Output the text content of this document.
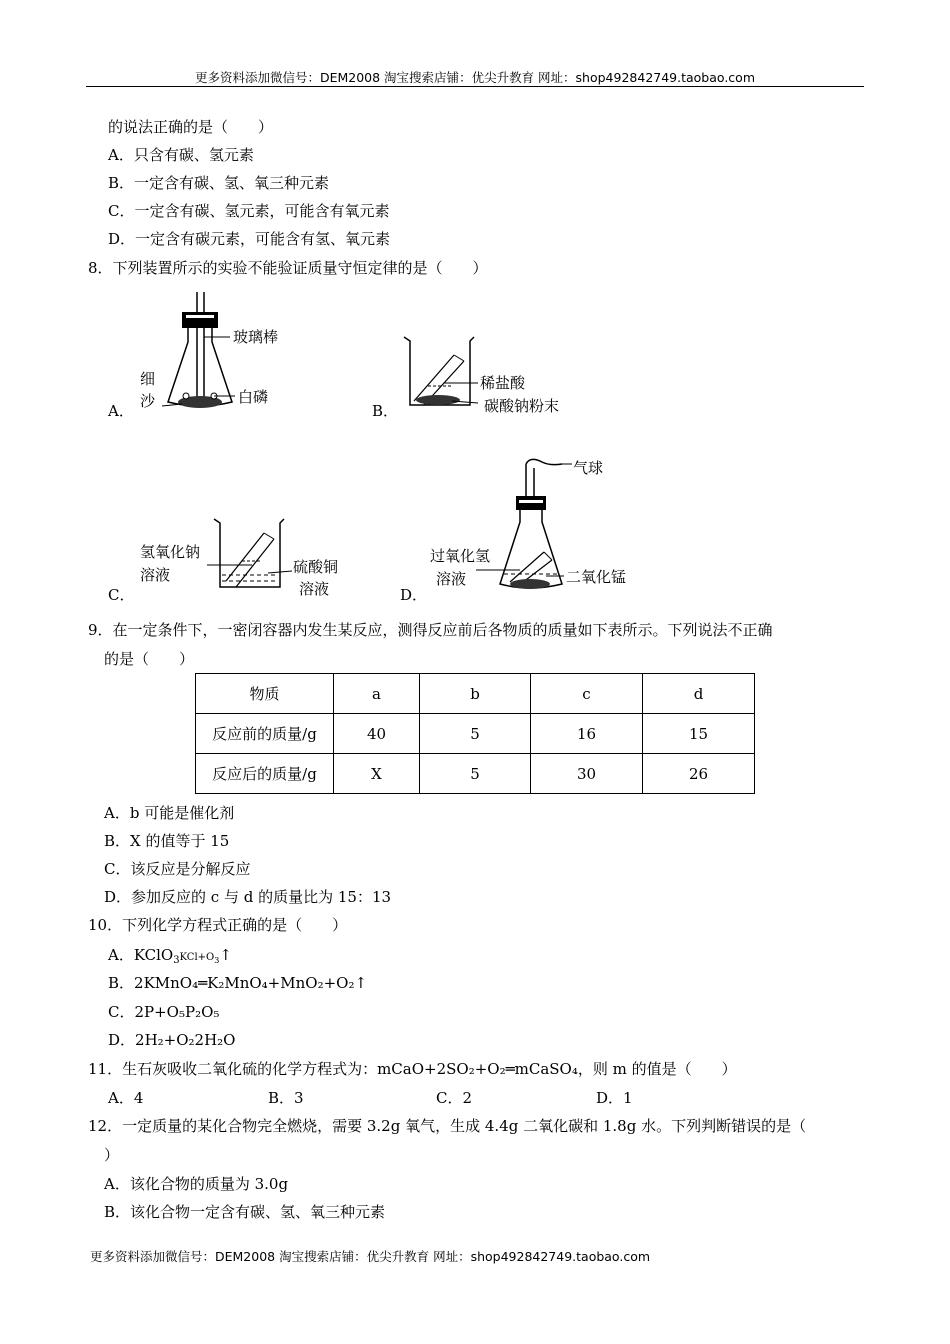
更多资料添加微信号：DEM2008 淘宝搜索店铺：优尖升教育 网址：shop492842749.taobao.com
的说法正确的是（　　）
A．只含有碳、氢元素
B．一定含有碳、氢、氧三种元素
C．一定含有碳、氢元素，可能含有氧元素
D．一定含有碳元素，可能含有氢、氧元素
8．下列装置所示的实验不能验证质量守恒定律的是（　　）
A．
玻璃棒
细
沙	白磷
B．
稀盐酸
碳酸钠粉末
C．
氢氧化钠
溶液	硫酸铜
溶液	D．
气球
过氧化氢
溶液	二氧化锰
9．在一定条件下，一密闭容器内发生某反应，测得反应前后各物质的质量如下表所示。下列说法不正确
的是（　　）
物质	a	b	c	d
反应前的质量/g	40	5	16	15
反应后的质量/g	X	5	30	26
A．b 可能是催化剂
B．X 的值等于 15
C．该反应是分解反应
D．参加反应的 c 与 d 的质量比为 15：13
10．下列化学方程式正确的是（　　）
A．$KClO_3KCl+O_3↑$
B．2KMnO₄═K₂MnO₄+MnO₂+O₂↑
C．2P+O₅P₂O₅
D．2H₂+O₂2H₂O
11．生石灰吸收二氧化硫的化学方程式为：mCaO+2SO₂+O₂═mCaSO₄，则 m 的值是（　　）
A．4	B．3	C．2	D．1
12．一定质量的某化合物完全燃烧，需要 3.2g 氧气，生成 4.4g 二氧化碳和 1.8g 水。下列判断错误的是（
）
A．该化合物的质量为 3.0g
B．该化合物一定含有碳、氢、氧三种元素
更多资料添加微信号：DEM2008 淘宝搜索店铺：优尖升教育 网址：shop492842749.taobao.com
